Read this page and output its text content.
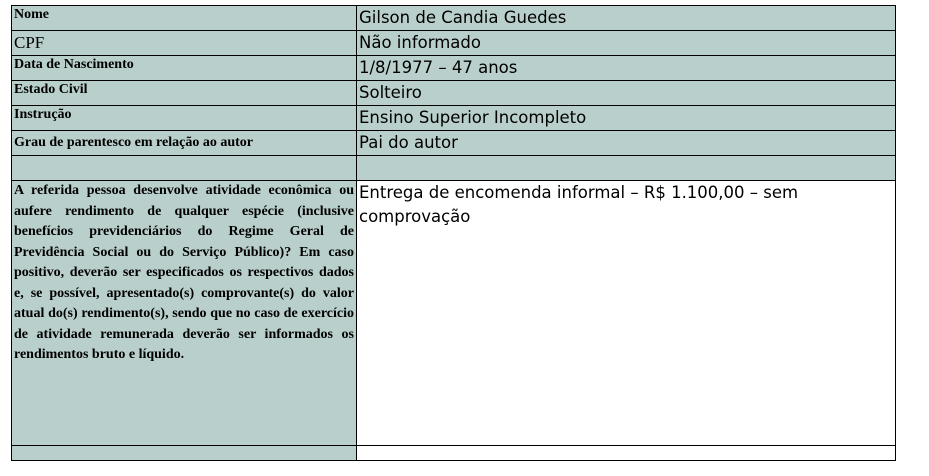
Nome	Gilson de Candia Guedes
CPF	Não informado
Data de Nascimento	1/8/1977 – 47 anos
Estado Civil	Solteiro
Instrução	Ensino Superior Incompleto
Grau de parentesco em relação ao autor	Pai do autor

A referida pessoa desenvolve atividade econômica ou aufere rendimento de qualquer espécie (inclusive benefícios previdenciários do Regime Geral de Previdência Social ou do Serviço Público)? Em caso positivo, deverão ser especificados os respectivos dados e, se possível, apresentado(s) comprovante(s) do valor atual do(s) rendimento(s), sendo que no caso de exercício de atividade remunerada deverão ser informados os rendimentos bruto e líquido.	Entrega de encomenda informal – R$ 1.100,00 – sem comprovação
